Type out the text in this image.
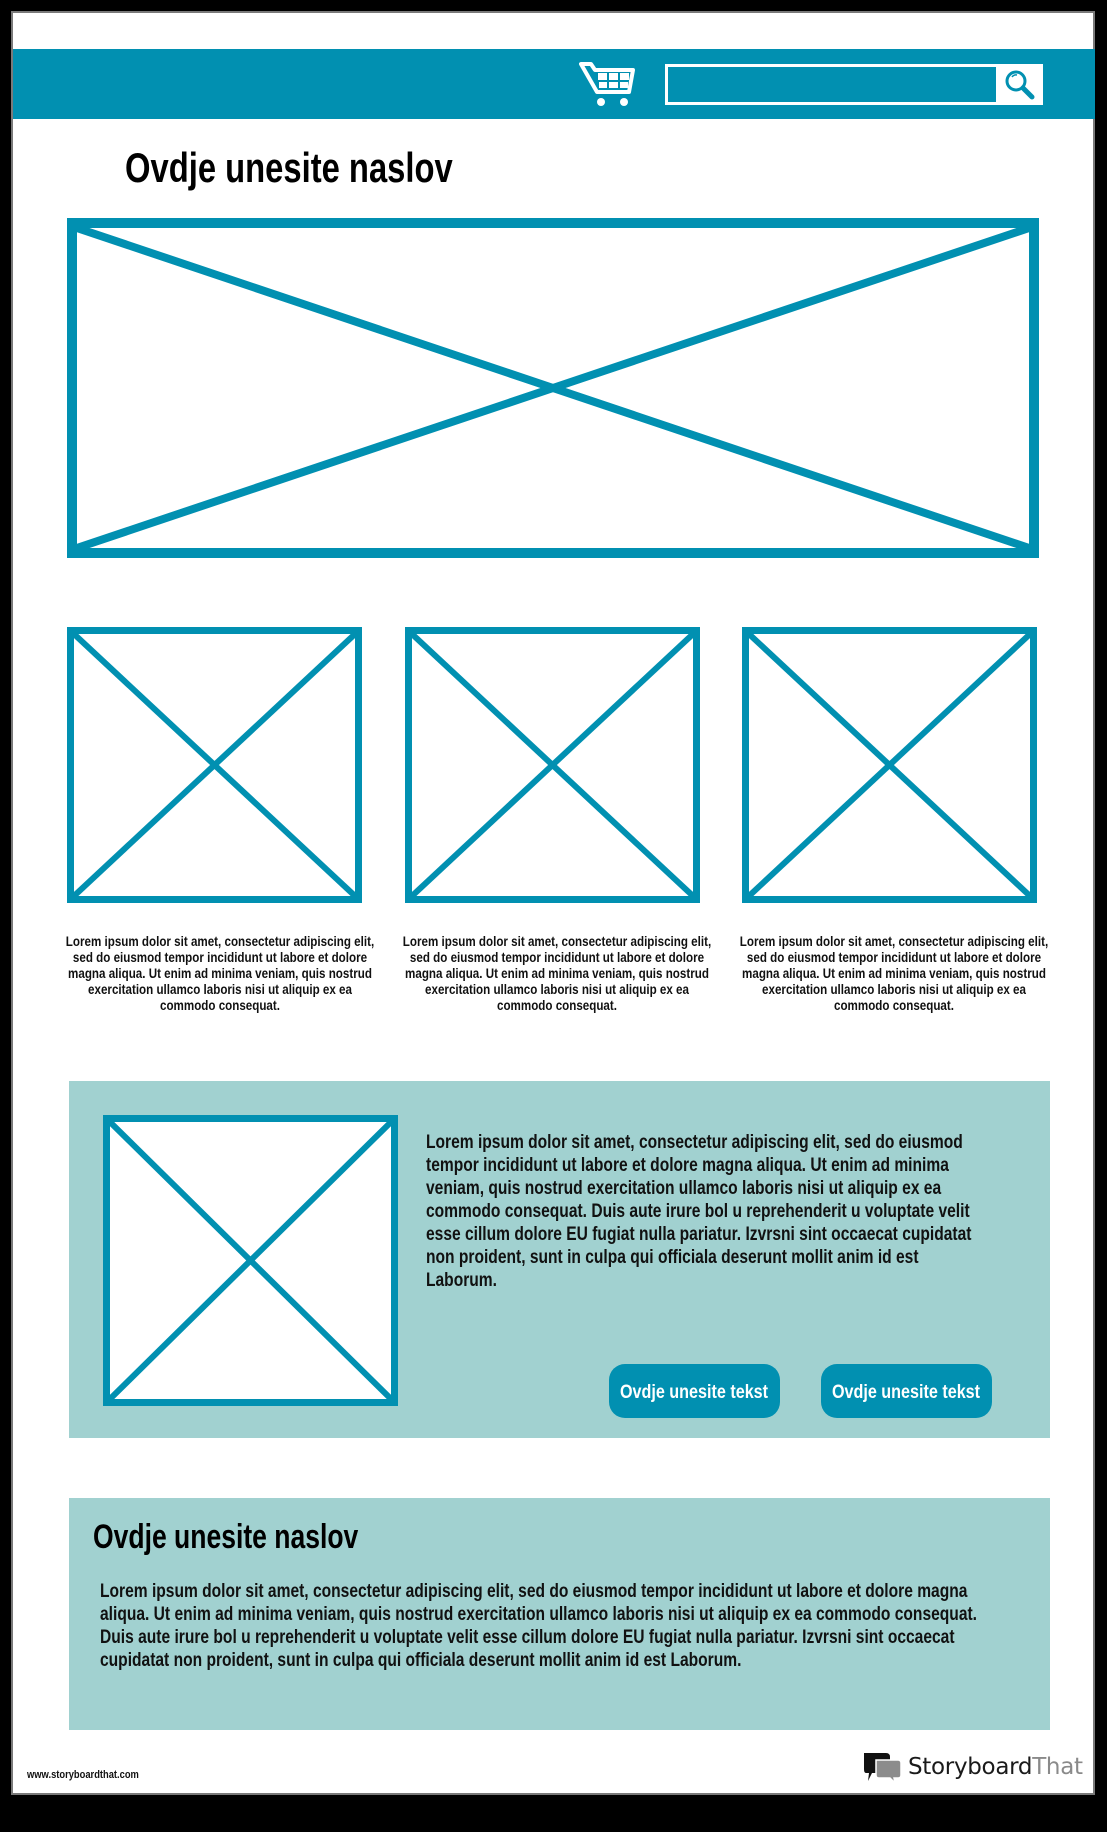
Ovdje unesite naslov
Lorem ipsum dolor sit amet, consectetur adipiscing elit, sed do eiusmod tempor incididunt ut labore et dolore magna aliqua. Ut enim ad minima veniam, quis nostrud exercitation ullamco laboris nisi ut aliquip ex ea commodo consequat.
Lorem ipsum dolor sit amet, consectetur adipiscing elit, sed do eiusmod tempor incididunt ut labore et dolore magna aliqua. Ut enim ad minima veniam, quis nostrud exercitation ullamco laboris nisi ut aliquip ex ea commodo consequat.
Lorem ipsum dolor sit amet, consectetur adipiscing elit, sed do eiusmod tempor incididunt ut labore et dolore magna aliqua. Ut enim ad minima veniam, quis nostrud exercitation ullamco laboris nisi ut aliquip ex ea commodo consequat.
Lorem ipsum dolor sit amet, consectetur adipiscing elit, sed do eiusmod tempor incididunt ut labore et dolore magna aliqua. Ut enim ad minima veniam, quis nostrud exercitation ullamco laboris nisi ut aliquip ex ea commodo consequat. Duis aute irure bol u reprehenderit u voluptate velit esse cillum dolore EU fugiat nulla pariatur. Izvrsni sint occaecat cupidatat non proident, sunt in culpa qui officiala deserunt mollit anim id est Laborum.
Ovdje unesite tekst	Ovdje unesite tekst
Ovdje unesite naslov

Lorem ipsum dolor sit amet, consectetur adipiscing elit, sed do eiusmod tempor incididunt ut labore et dolore magna aliqua. Ut enim ad minima veniam, quis nostrud exercitation ullamco laboris nisi ut aliquip ex ea commodo consequat. Duis aute irure bol u reprehenderit u voluptate velit esse cillum dolore EU fugiat nulla pariatur. Izvrsni sint occaecat cupidatat non proident, sunt in culpa qui officiala deserunt mollit anim id est Laborum.

www.storyboardthat.com	StoryboardThat
